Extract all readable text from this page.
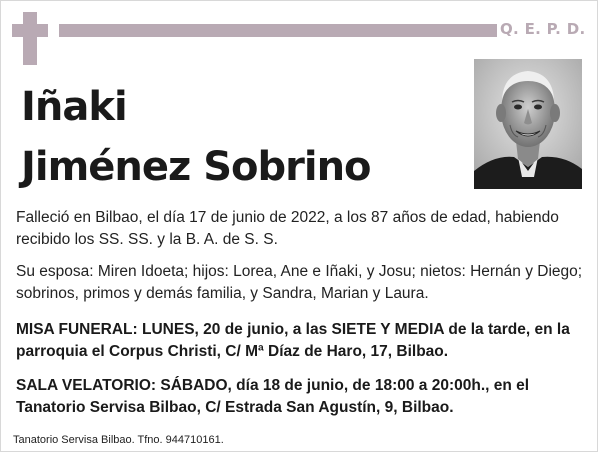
Q. E. P. D.
Iñaki
Jiménez Sobrino
Falleció en Bilbao, el día 17 de junio de 2022, a los 87 años de edad, habiendo recibido los SS. SS. y la B. A. de S. S.
Su esposa: Miren Idoeta; hijos: Lorea, Ane e Iñaki, y Josu; nietos: Hernán y Diego; sobrinos, primos y demás familia, y Sandra, Marian y Laura.
MISA FUNERAL: LUNES, 20 de junio, a las SIETE Y MEDIA de la tarde, en la parroquia el Corpus Christi, C/ Mª Díaz de Haro, 17, Bilbao.
SALA VELATORIO: SÁBADO, día 18 de junio, de 18:00 a 20:00h., en el Tanatorio Servisa Bilbao, C/ Estrada San Agustín, 9, Bilbao.
Tanatorio Servisa Bilbao. Tfno. 944710161.
